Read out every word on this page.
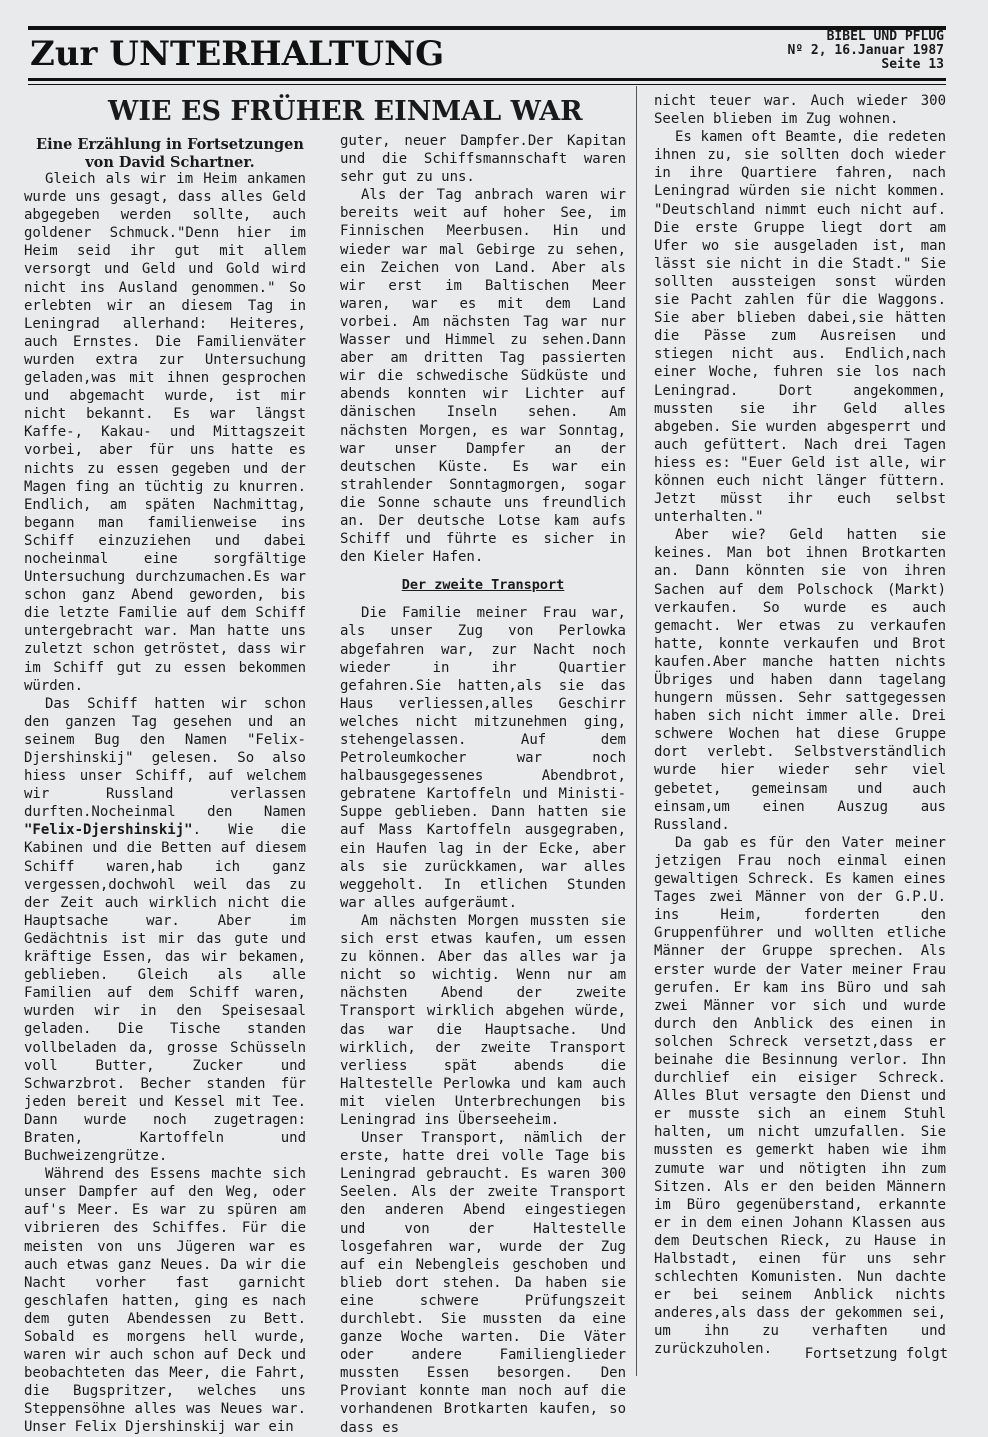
Zur UNTERHALTUNG	BIBEL UND PFLUG
Nº 2, 16.Januar 1987
Seite 13
WIE ES FRÜHER EINMAL WAR
Eine Erzählung in Fortsetzungen
von David Schartner.

Gleich als wir im Heim ankamen wurde uns gesagt, dass alles Geld abgegeben werden sollte, auch goldener Schmuck."Denn hier im Heim seid ihr gut mit allem versorgt und Geld und Gold wird nicht ins Ausland genommen." So erlebten wir an diesem Tag in Leningrad allerhand: Heiteres, auch Ernstes. Die Familienväter wurden extra zur Untersuchung geladen,was mit ihnen gesprochen und abgemacht wurde, ist mir nicht bekannt. Es war längst Kaffe-, Kakau- und Mittagszeit vorbei, aber für uns hatte es nichts zu essen gegeben und der Magen fing an tüchtig zu knurren. Endlich, am späten Nachmittag, begann man familienweise ins Schiff einzuziehen und dabei nocheinmal eine sorgfältige Untersuchung durchzumachen.Es war schon ganz Abend geworden, bis die letzte Familie auf dem Schiff untergebracht war. Man hatte uns zuletzt schon getröstet, dass wir im Schiff gut zu essen bekommen würden.

Das Schiff hatten wir schon den ganzen Tag gesehen und an seinem Bug den Namen "Felix-Djershinskij" gelesen. So also hiess unser Schiff, auf welchem wir Russland verlassen durften.Nocheinmal den Namen "Felix-Djershinskij". Wie die Kabinen und die Betten auf diesem Schiff waren,hab ich ganz vergessen,dochwohl weil das zu der Zeit auch wirklich nicht die Hauptsache war. Aber im Gedächtnis ist mir das gute und kräftige Essen, das wir bekamen, geblieben. Gleich als alle Familien auf dem Schiff waren, wurden wir in den Speisesaal geladen. Die Tische standen vollbeladen da, grosse Schüsseln voll Butter, Zucker und Schwarzbrot. Becher standen für jeden bereit und Kessel mit Tee. Dann wurde noch zugetragen: Braten, Kartoffeln und Buchweizengrütze.

Während des Essens machte sich unser Dampfer auf den Weg, oder auf's Meer. Es war zu spüren am vibrieren des Schiffes. Für die meisten von uns Jügeren war es auch etwas ganz Neues. Da wir die Nacht vorher fast garnicht geschlafen hatten, ging es nach dem guten Abendessen zu Bett. Sobald es morgens hell wurde, waren wir auch schon auf Deck und beobachteten das Meer, die Fahrt, die Bugspritzer, welches uns Steppensöhne alles was Neues war. Unser Felix Djershinskij war ein

guter, neuer Dampfer.Der Kapitan und die Schiffsmannschaft waren sehr gut zu uns.

Als der Tag anbrach waren wir bereits weit auf hoher See, im Finnischen Meerbusen. Hin und wieder war mal Gebirge zu sehen, ein Zeichen von Land. Aber als wir erst im Baltischen Meer waren, war es mit dem Land vorbei. Am nächsten Tag war nur Wasser und Himmel zu sehen.Dann aber am dritten Tag passierten wir die schwedische Südküste und abends konnten wir Lichter auf dänischen Inseln sehen. Am nächsten Morgen, es war Sonntag, war unser Dampfer an der deutschen Küste. Es war ein strahlender Sonntagmorgen, sogar die Sonne schaute uns freundlich an. Der deutsche Lotse kam aufs Schiff und führte es sicher in den Kieler Hafen.

Der zweite Transport

Die Familie meiner Frau war, als unser Zug von Perlowka abgefahren war, zur Nacht noch wieder in ihr Quartier gefahren.Sie hatten,als sie das Haus verliessen,alles Geschirr welches nicht mitzunehmen ging, stehengelassen. Auf dem Petroleumkocher war noch halbausgegessenes Abendbrot, gebratene Kartoffeln und Ministi-Suppe geblieben. Dann hatten sie auf Mass Kartoffeln ausgegraben, ein Haufen lag in der Ecke, aber als sie zurückkamen, war alles weggeholt. In etlichen Stunden war alles aufgeräumt.

Am nächsten Morgen mussten sie sich erst etwas kaufen, um essen zu können. Aber das alles war ja nicht so wichtig. Wenn nur am nächsten Abend der zweite Transport wirklich abgehen würde, das war die Hauptsache. Und wirklich, der zweite Transport verliess spät abends die Haltestelle Perlowka und kam auch mit vielen Unterbrechungen bis Leningrad ins Überseeheim.

Unser Transport, nämlich der erste, hatte drei volle Tage bis Leningrad gebraucht. Es waren 300 Seelen. Als der zweite Transport den anderen Abend eingestiegen und von der Haltestelle losgefahren war, wurde der Zug auf ein Nebengleis geschoben und blieb dort stehen. Da haben sie eine schwere Prüfungszeit durchlebt. Sie mussten da eine ganze Woche warten. Die Väter oder andere Familienglieder mussten Essen besorgen. Den Proviant konnte man noch auf die vorhandenen Brotkarten kaufen, so dass es

nicht teuer war. Auch wieder 300 Seelen blieben im Zug wohnen.

Es kamen oft Beamte, die redeten ihnen zu, sie sollten doch wieder in ihre Quartiere fahren, nach Leningrad würden sie nicht kommen. "Deutschland nimmt euch nicht auf. Die erste Gruppe liegt dort am Ufer wo sie ausgeladen ist, man lässt sie nicht in die Stadt." Sie sollten aussteigen sonst würden sie Pacht zahlen für die Waggons. Sie aber blieben dabei,sie hätten die Pässe zum Ausreisen und stiegen nicht aus. Endlich,nach einer Woche, fuhren sie los nach Leningrad. Dort angekommen, mussten sie ihr Geld alles abgeben. Sie wurden abgesperrt und auch gefüttert. Nach drei Tagen hiess es: "Euer Geld ist alle, wir können euch nicht länger füttern. Jetzt müsst ihr euch selbst unterhalten."

Aber wie? Geld hatten sie keines. Man bot ihnen Brotkarten an. Dann könnten sie von ihren Sachen auf dem Polschock (Markt) verkaufen. So wurde es auch gemacht. Wer etwas zu verkaufen hatte, konnte verkaufen und Brot kaufen.Aber manche hatten nichts Übriges und haben dann tagelang hungern müssen. Sehr sattgegessen haben sich nicht immer alle. Drei schwere Wochen hat diese Gruppe dort verlebt. Selbstverständlich wurde hier wieder sehr viel gebetet, gemeinsam und auch einsam,um einen Auszug aus Russland.

Da gab es für den Vater meiner jetzigen Frau noch einmal einen gewaltigen Schreck. Es kamen eines Tages zwei Männer von der G.P.U. ins Heim, forderten den Gruppenführer und wollten etliche Männer der Gruppe sprechen. Als erster wurde der Vater meiner Frau gerufen. Er kam ins Büro und sah zwei Männer vor sich und wurde durch den Anblick des einen in solchen Schreck versetzt,dass er beinahe die Besinnung verlor. Ihn durchlief ein eisiger Schreck. Alles Blut versagte den Dienst und er musste sich an einem Stuhl halten, um nicht umzufallen. Sie mussten es gemerkt haben wie ihm zumute war und nötigten ihn zum Sitzen. Als er den beiden Männern im Büro gegenüberstand, erkannte er in dem einen Johann Klassen aus dem Deutschen Rieck, zu Hause in Halbstadt, einen für uns sehr schlechten Komunisten. Nun dachte er bei seinem Anblick nichts anderes,als dass der gekommen sei, um ihn zu verhaften und zurückzuholen.	Fortsetzung folgt
